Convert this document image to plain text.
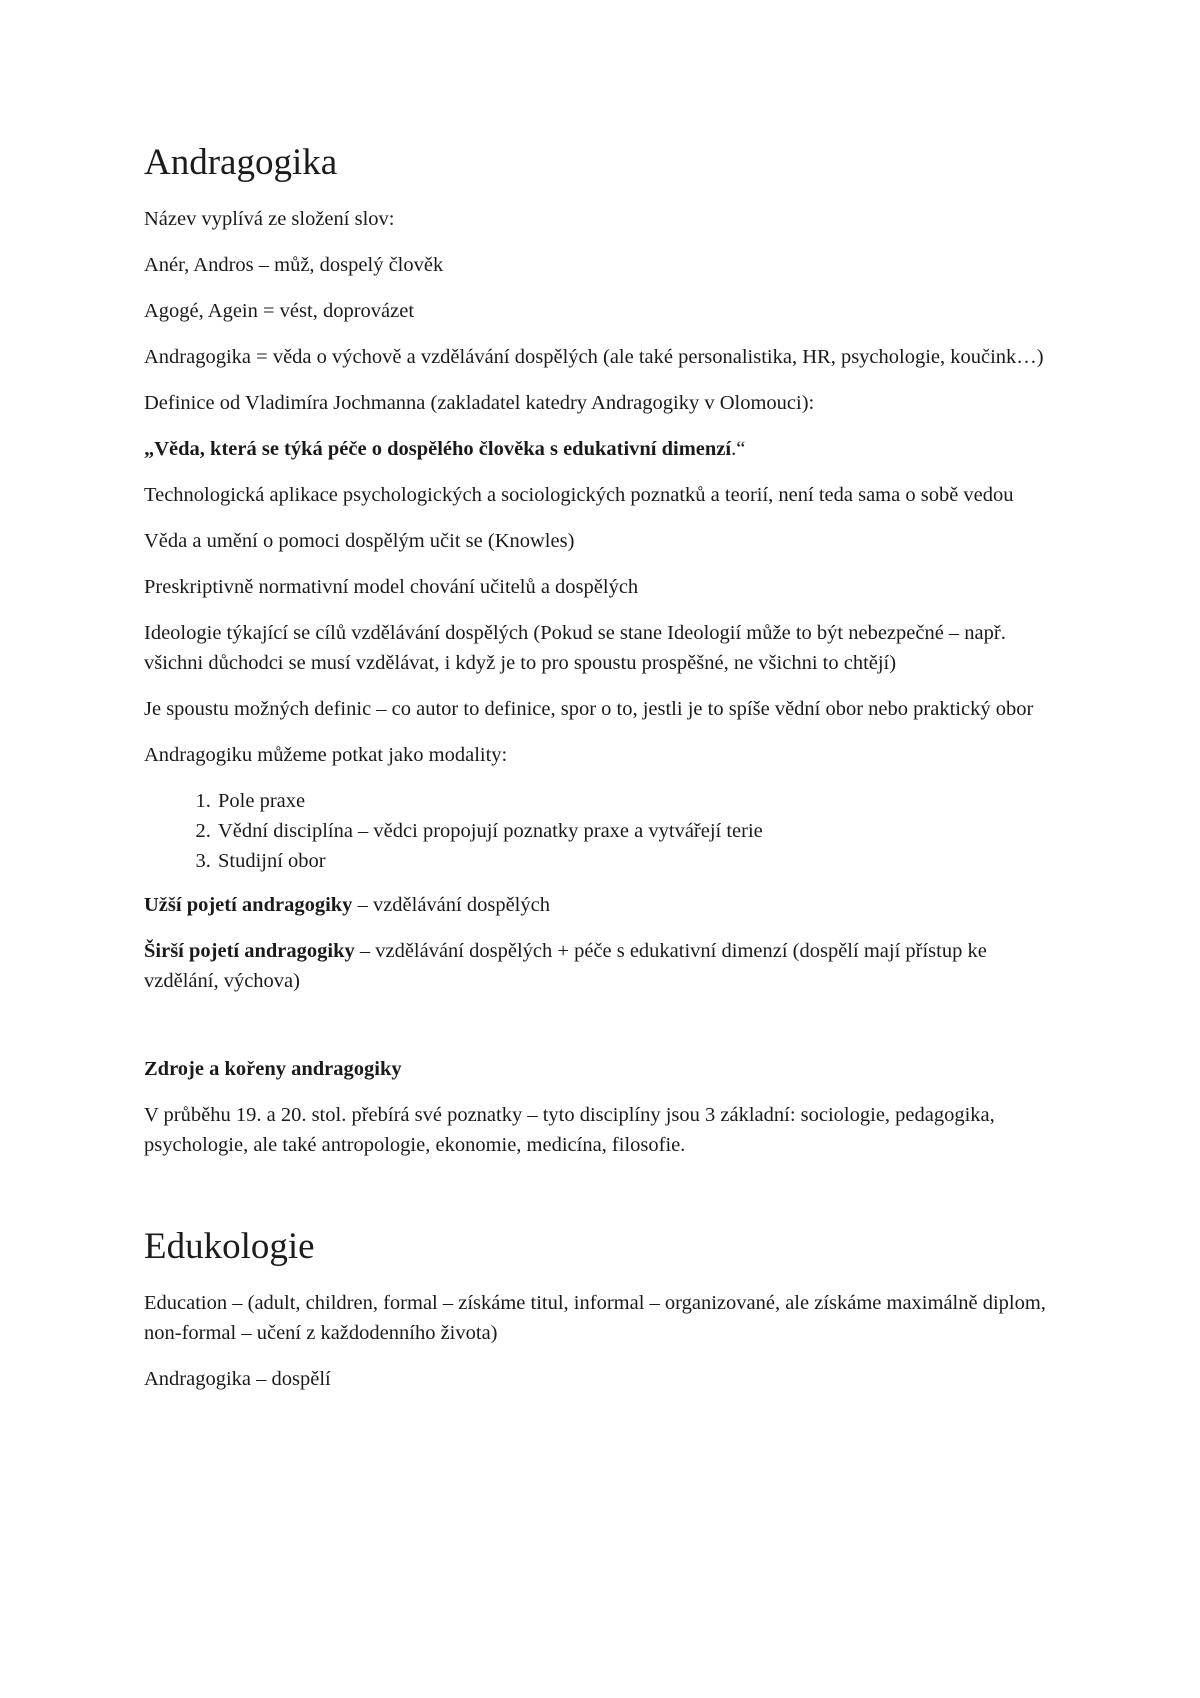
Andragogika

Název vyplívá ze složení slov:

Anér, Andros – můž, dospelý člověk

Agogé, Agein = vést, doprovázet

Andragogika = věda o výchově a vzdělávání dospělých (ale také personalistika, HR, psychologie, koučink…)

Definice od Vladimíra Jochmanna (zakladatel katedry Andragogiky v Olomouci):

„Věda, která se týká péče o dospělého člověka s edukativní dimenzí.“

Technologická aplikace psychologických a sociologických poznatků a teorií, není teda sama o sobě vedou

Věda a umění o pomoci dospělým učit se (Knowles)

Preskriptivně normativní model chování učitelů a dospělých

Ideologie týkající se cílů vzdělávání dospělých (Pokud se stane Ideologií může to být nebezpečné – např. všichni důchodci se musí vzdělávat, i když je to pro spoustu prospěšné, ne všichni to chtějí)

Je spoustu možných definic – co autor to definice, spor o to, jestli je to spíše vědní obor nebo praktický obor

Andragogiku můžeme potkat jako modality:

1. Pole praxe
2. Vědní disciplína – vědci propojují poznatky praxe a vytvářejí terie
3. Studijní obor

Užší pojetí andragogiky – vzdělávání dospělých

Širší pojetí andragogiky – vzdělávání dospělých + péče s edukativní dimenzí (dospělí mají přístup ke vzdělání, výchova)

Zdroje a kořeny andragogiky

V průběhu 19. a 20. stol. přebírá své poznatky – tyto disciplíny jsou 3 základní: sociologie, pedagogika, psychologie, ale také antropologie, ekonomie, medicína, filosofie.

Edukologie

Education – (adult, children, formal – získáme titul, informal – organizované, ale získáme maximálně diplom, non-formal – učení z každodenního života)

Andragogika – dospělí
